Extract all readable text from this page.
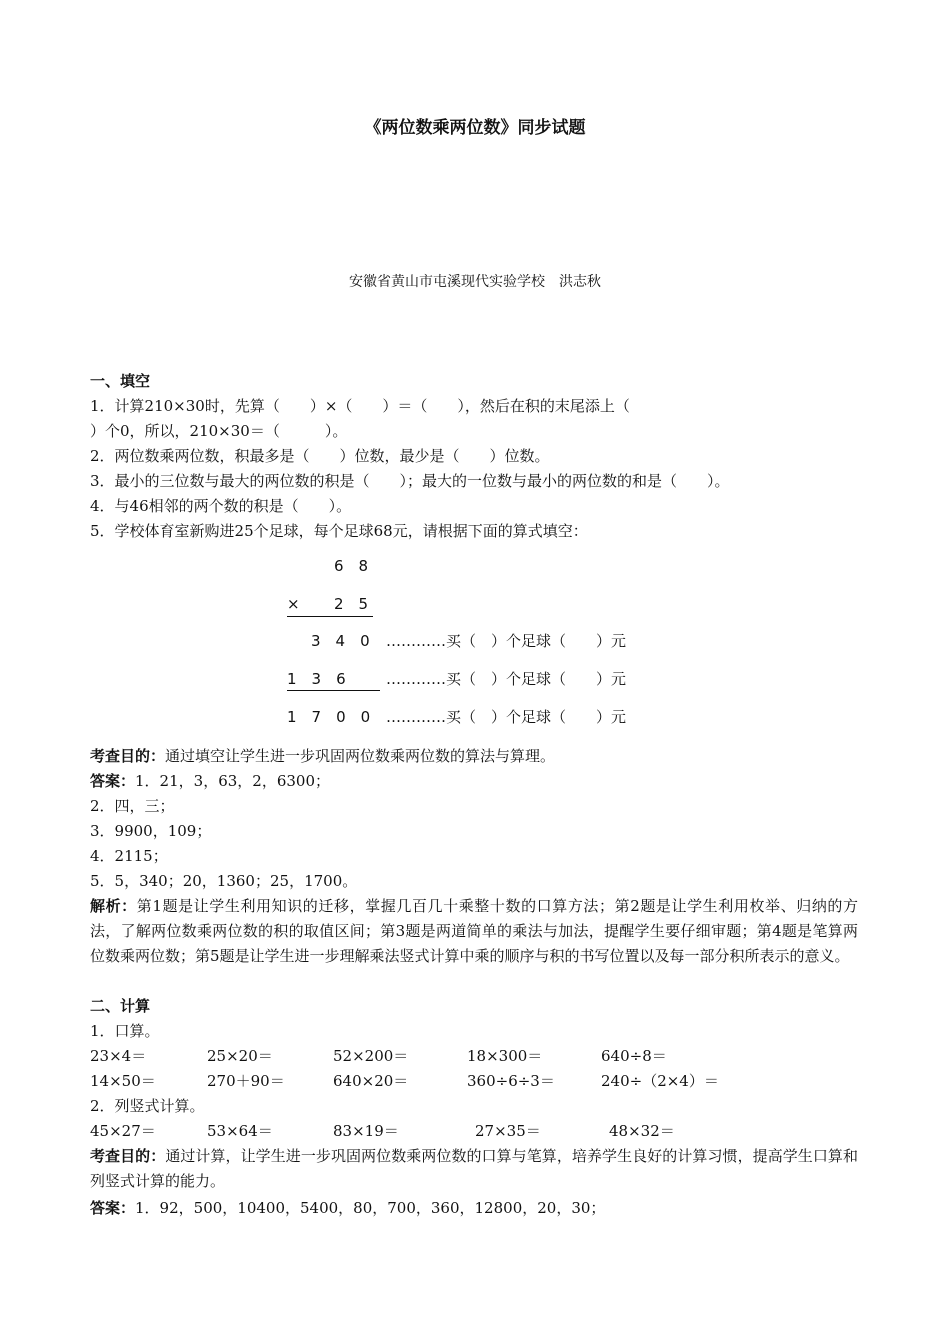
《两位数乘两位数》同步试题
安徽省黄山市屯溪现代实验学校　洪志秋
一、填空
1．计算210×30时，先算（　　）×（　　）＝（　　），然后在积的末尾添上（
）个0，所以，210×30＝（　　　）。
2．两位数乘两位数，积最多是（　　）位数，最少是（　　）位数。
3．最小的三位数与最大的两位数的积是（　　）；最大的一位数与最小的两位数的和是（　　）。
4．与46相邻的两个数的积是（　　）。
5．学校体育室新购进25个足球，每个足球68元，请根据下面的算式填空：
6　8
× 2　5
3　4　0 …………买（　）个足球（　　）元
1　3　6	…………买（　）个足球（　　）元
1　7　0　0 …………买（　）个足球（　　）元
考查目的：通过填空让学生进一步巩固两位数乘两位数的算法与算理。
答案：1．21，3，63，2，6300；
2．四，三；
3．9900，109；
4．2115；
5．5，340；20，1360；25，1700。
解析：第1题是让学生利用知识的迁移，掌握几百几十乘整十数的口算方法；第2题是让学生利用枚举、归纳的方法，了解两位数乘两位数的积的取值区间；第3题是两道简单的乘法与加法，提醒学生要仔细审题；第4题是笔算两位数乘两位数；第5题是让学生进一步理解乘法竖式计算中乘的顺序与积的书写位置以及每一部分积所表示的意义。
二、计算
1．口算。
23×4＝	25×20＝	52×200＝	18×300＝	640÷8＝
14×50＝	270＋90＝	640×20＝	360÷6÷3＝	240÷（2×4）＝
2．列竖式计算。
45×27＝	53×64＝	83×19＝	27×35＝	48×32＝
考查目的：通过计算，让学生进一步巩固两位数乘两位数的口算与笔算，培养学生良好的计算习惯，提高学生口算和列竖式计算的能力。
答案：1．92，500，10400，5400，80，700，360，12800，20，30；
